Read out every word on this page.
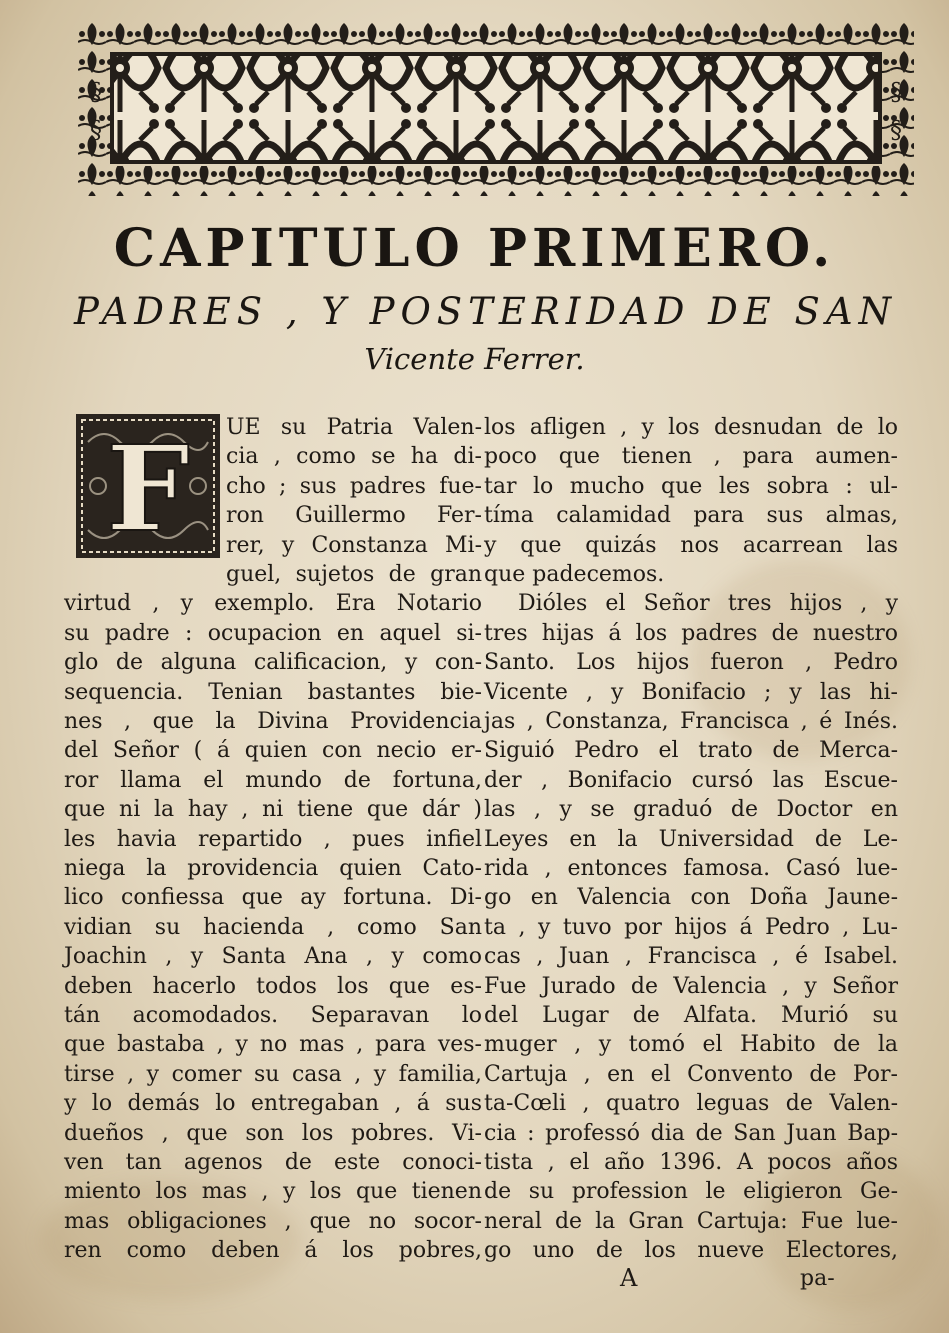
§
§
§
§
CAPITULO PRIMERO.
PADRES , Y POSTERIDAD DE SAN
Vicente Ferrer.
F UE su Patria Valen-
cia , como se ha di-
cho ; sus padres fue-
ron Guillermo Fer-
rer, y Constanza Mi-
guel, sujetos de gran
virtud , y exemplo. Era Notario
su padre : ocupacion en aquel si-
glo de alguna calificacion, y con-
sequencia. Tenian bastantes bie-
nes , que la Divina Providencia
del Señor ( á quien con necio er-
ror llama el mundo de fortuna,
que ni la hay , ni tiene que dár )
les havia repartido , pues infiel
niega la providencia quien Cato-
lico confiessa que ay fortuna. Di-
vidian su hacienda , como San
Joachin , y Santa Ana , y como
deben hacerlo todos los que es-
tán acomodados. Separavan lo
que bastaba , y no mas , para ves-
tirse , y comer su casa , y familia,
y lo demás lo entregaban , á sus
dueños , que son los pobres. Vi-
ven tan agenos de este conoci-
miento los mas , y los que tienen
mas obligaciones , que no socor-
ren como deben á los pobres,
los afligen , y los desnudan de lo
poco que tienen , para aumen-
tar lo mucho que les sobra : ul-
tíma calamidad para sus almas,
y que quizás nos acarrean las
que padecemos.
Dióles el Señor tres hijos , y
tres hijas á los padres de nuestro
Santo. Los hijos fueron , Pedro
Vicente , y Bonifacio ; y las hi-
jas , Constanza, Francisca , é Inés.
Siguió Pedro el trato de Merca-
der , Bonifacio cursó las Escue-
las , y se graduó de Doctor en
Leyes en la Universidad de Le-
rida , entonces famosa. Casó lue-
go en Valencia con Doña Jaune-
ta , y tuvo por hijos á Pedro , Lu-
cas , Juan , Francisca , é Isabel.
Fue Jurado de Valencia , y Señor
del Lugar de Alfata. Murió su
muger , y tomó el Habito de la
Cartuja , en el Convento de Por-
ta-Cœli , quatro leguas de Valen-
cia : professó dia de San Juan Bap-
tista , el año 1396. A pocos años
de su profession le eligieron Ge-
neral de la Gran Cartuja: Fue lue-
go uno de los nueve Electores,
A	pa-
